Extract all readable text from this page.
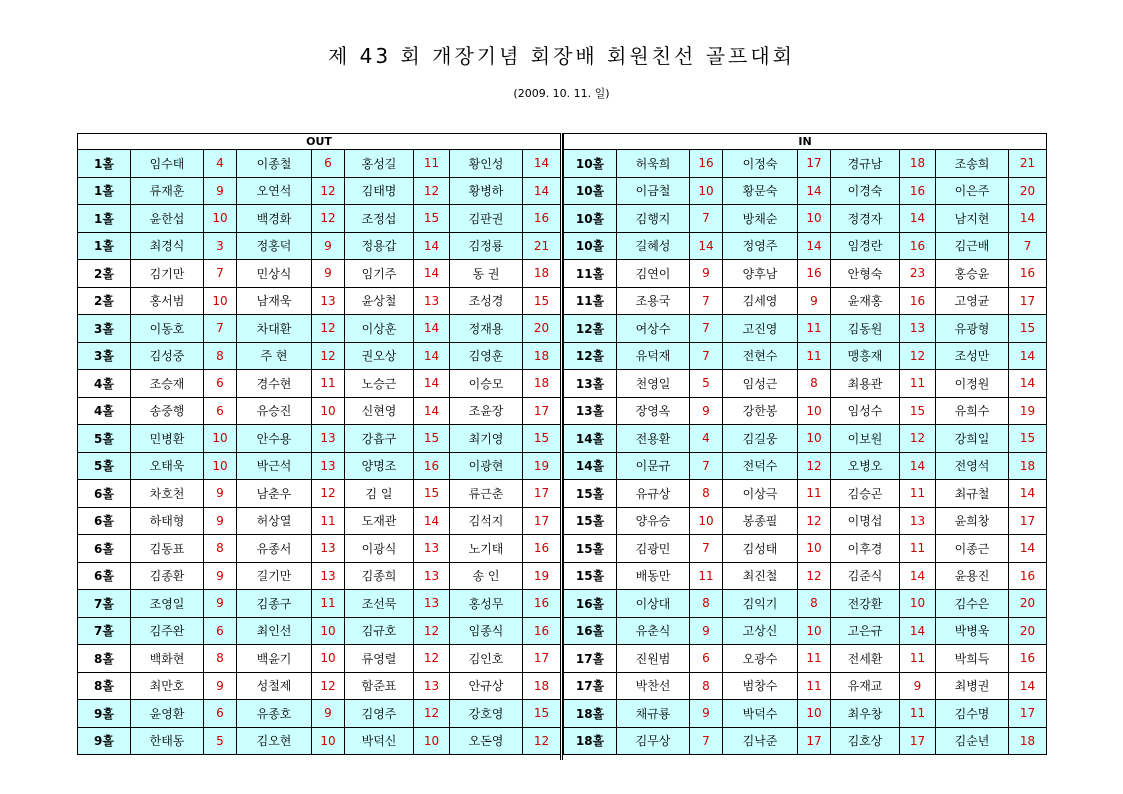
제 43 회 개장기념 회장배 회원친선 골프대회
(2009. 10. 11. 일)
OUT								
1홀	임수태	4	이종철	6	홍성길	11	황인성	14
1홀	류재훈	9	오연석	12	김태명	12	황병하	14
1홀	윤한섭	10	백경화	12	조정섭	15	김판권	16
1홀	최경식	3	정홍덕	9	정용갑	14	김정룡	21
2홀	김기만	7	민상식	9	임기주	14	동 권	18
2홀	홍서범	10	남재욱	13	윤상철	13	조성경	15
3홀	이동호	7	차대환	12	이상훈	14	정재용	20
3홀	김성중	8	주 현	12	권오상	14	김영훈	18
4홀	조승재	6	경수현	11	노승근	14	이승모	18
4홀	송중행	6	유승진	10	신현영	14	조윤장	17
5홀	민병환	10	안수용	13	강흡구	15	최기영	15
5홀	오태욱	10	박근석	13	양명조	16	이광현	19
6홀	차호천	9	남춘우	12	김 일	15	류근춘	17
6홀	하태형	9	허상열	11	도재관	14	김석지	17
6홀	김동표	8	유종서	13	이광식	13	노기태	16
6홀	김종환	9	길기만	13	김종희	13	송 인	19
7홀	조영일	9	김종구	11	조선묵	13	홍성무	16
7홀	김주완	6	최인선	10	김규호	12	임종식	16
8홀	백화현	8	백윤기	10	류영렬	12	김인호	17
8홀	최만호	9	성철제	12	함준표	13	안규상	18
9홀	윤영환	6	유종호	9	김영주	12	강호영	15
9홀	한태동	5	김오현	10	박덕신	10	오돈영	12
IN								
10홀	허욱희	16	이정숙	17	경규남	18	조송희	21
10홀	이금철	10	황문숙	14	이경숙	16	이은주	20
10홀	김행지	7	방채순	10	정경자	14	남지현	14
10홀	길혜성	14	정영주	14	임경란	16	김근배	7
11홀	김연이	9	양후남	16	안형숙	23	홍승윤	16
11홀	조용국	7	김세영	9	윤재홍	16	고영균	17
12홀	여상수	7	고진영	11	김동원	13	유광형	15
12홀	유덕재	7	전현수	11	맹흥재	12	조성만	14
13홀	천영일	5	임성근	8	최용관	11	이정원	14
13홀	장영옥	9	강한봉	10	임성수	15	유희수	19
14홀	전용환	4	김길웅	10	이보원	12	강희일	15
14홀	이문규	7	전덕수	12	오병오	14	전영석	18
15홀	유규상	8	이상극	11	김승곤	11	최규철	14
15홀	양유승	10	봉종필	12	이명섭	13	윤희창	17
15홀	김광민	7	김성태	10	이후경	11	이종근	14
15홀	배동만	11	최진철	12	김준식	14	윤용진	16
16홀	이상대	8	김익기	8	전강환	10	김수은	20
16홀	유춘식	9	고상신	10	고은규	14	박병욱	20
17홀	진원범	6	오광수	11	전세환	11	박희득	16
17홀	박찬선	8	범창수	11	유재교	9	최병권	14
18홀	채규룡	9	박덕수	10	최우창	11	김수명	17
18홀	김무상	7	김낙준	17	김호상	17	김순년	18
